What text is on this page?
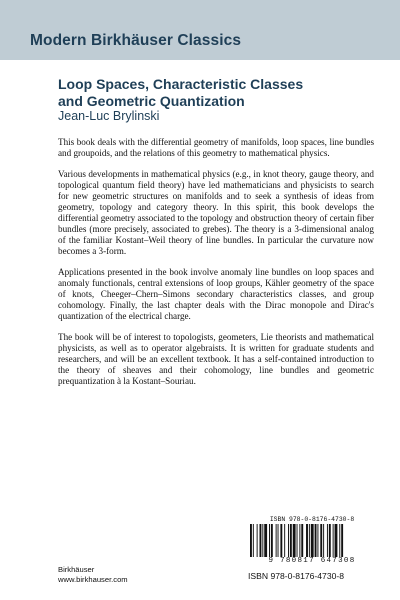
Modern Birkhäuser Classics
Loop Spaces, Characteristic Classes
and Geometric Quantization
Jean-Luc Brylinski

This book deals with the differential geometry of manifolds, loop spaces, line bundles and groupoids, and the relations of this geometry to mathematical physics.

Various developments in mathematical physics (e.g., in knot theory, gauge theory, and topological quantum field theory) have led mathematicians and physicists to search for new geometric structures on manifolds and to seek a synthesis of ideas from geometry, topology and category theory. In this spirit, this book develops the differential geometry associated to the topology and obstruction theory of certain fiber bundles (more precisely, associated to grebes). The theory is a 3-dimensional analog of the familiar Kostant–Weil theory of line bundles. In particular the curvature now becomes a 3-form.

Applications presented in the book involve anomaly line bundles on loop spaces and anomaly functionals, central extensions of loop groups, Kähler geometry of the space of knots, Cheeger–Chern–Simons secondary characteristics classes, and group cohomology. Finally, the last chapter deals with the Dirac monopole and Dirac's quantization of the electrical charge.

The book will be of interest to topologists, geometers, Lie theorists and mathematical physicists, as well as to operator algebraists. It is written for graduate students and researchers, and will be an excellent textbook. It has a self-contained introduction to the theory of sheaves and their cohomology, line bundles and geometric prequantization à la Kostant–Souriau.

ISBN 978-0-8176-4730-8
9 780817 647308
ISBN 978-0-8176-4730-8
Birkhäuser
www.birkhauser.com
